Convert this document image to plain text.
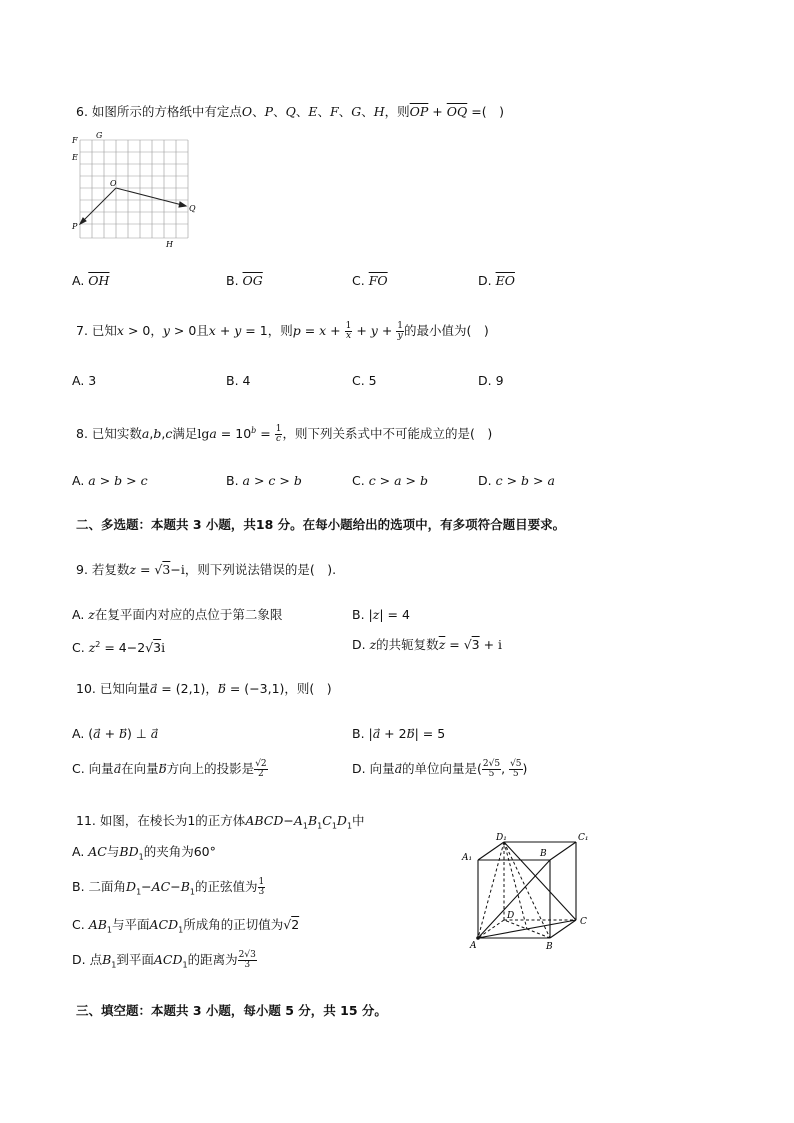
6. 如图所示的方格纸中有定点O、P、Q、E、F、G、H，则$\overline{OP} + \overline{OQ}$ =(　)
F
E
G
O
Q
P
H
A. $\overline{OH}$	B. $\overline{OG}$	C. $\overline{FO}$	D. $\overline{EO}$
7. 已知x > 0，y > 0且x + y = 1，则$p = x + \frac{1}{x} + y + \frac{1}{y}$ 的最小值为(　)
A. 3	B. 4	C. 5	D. 9
8. 已知实数a,b,c满足$\lg a = 10^b = \frac{1}{c}$ ，则下列关系式中不可能成立的是(　)
A. a > b > c	B. a > c > b	C. c > a > b	D. c > b > a
二、多选题：本题共 3 小题，共18 分。在每小题给出的选项中，有多项符合题目要求。
9. 若复数z = √3−i，则下列说法错误的是(　).
A. z在复平面内对应的点位于第二象限	B. |z| = 4
C. $z^2 = 4-2√3i$	D. z的共轭复数$\overline{z} = √3 + i$
10. 已知向量a⃗ = (2,1)，b⃗ = (−3,1)，则(　)
A. (a⃗ + b⃗) ⊥ a	B. |a⃗ + 2b⃗| = 5
C. 向量a⃗在向量b⃗方向上的投影是 $\frac{√2}{2}$	D. 向量a⃗的单位向量是( $\frac{2√5}{5}$ , $\frac{√5}{5}$ )
11. 如图，在棱长为1的正方体$ABCD-A_1B_1C_1D_1$中
A. AC与$BD_1$的夹角为60°
B. 二面角$D_1-AC-B_1$的正弦值为 $\frac{1}{3}$
C. $AB_1$与平面$ACD_1$所成角的正切值为√2
D. 点$B_1$到平面$ACD_1$的距离为 $\frac{2√3}{3}$
D₁	C₁
A₁	B
D
C
A	B
三、填空题：本题共 3 小题，每小题 5 分，共 15 分。
